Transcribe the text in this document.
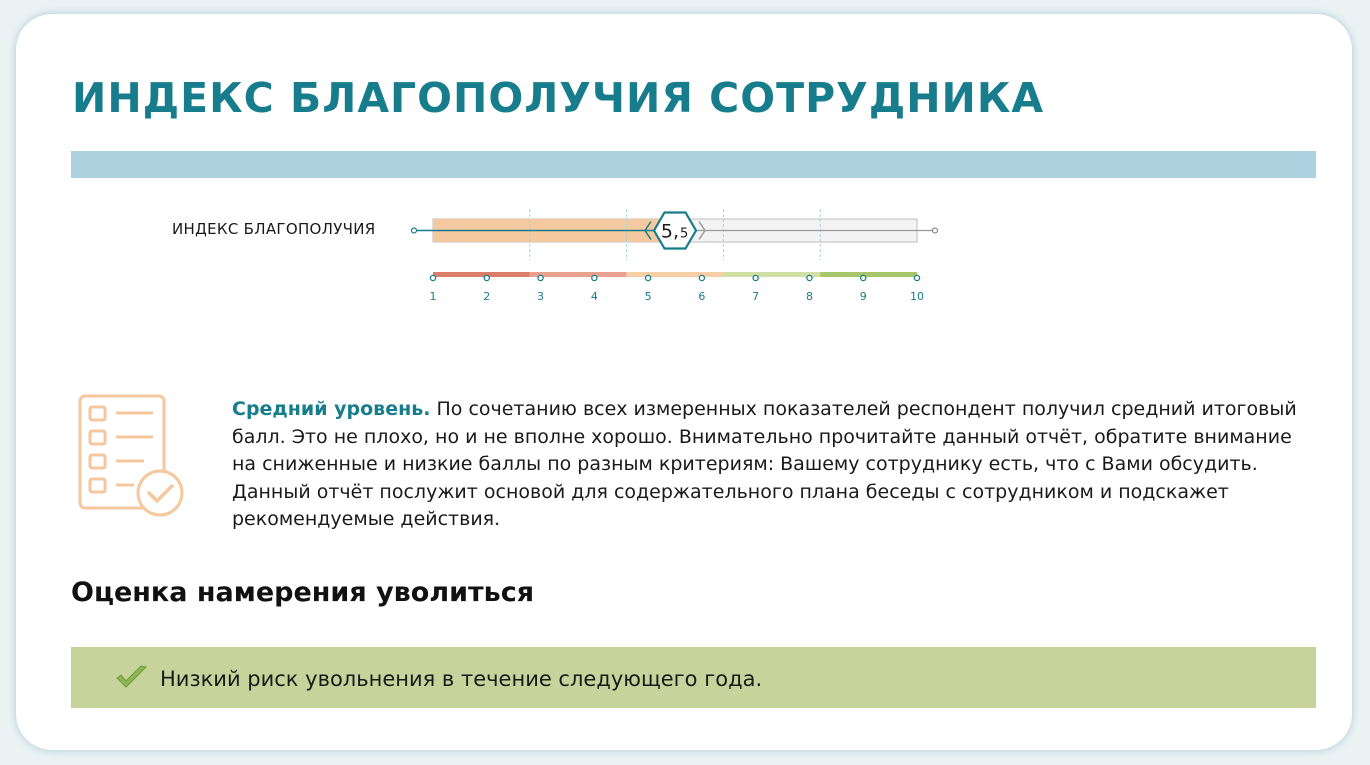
ИНДЕКС БЛАГОПОЛУЧИЯ СОТРУДНИКА
ИНДЕКС БЛАГОПОЛУЧИЯ
1	2	3	4	5	6	7	8	9	10
5, 5

Средний уровень. По сочетанию всех измеренных показателей респондент получил средний итоговый балл. Это не плохо, но и не вполне хорошо. Внимательно прочитайте данный отчёт, обратите внимание на сниженные и низкие баллы по разным критериям: Вашему сотруднику есть, что с Вами обсудить. Данный отчёт послужит основой для содержательного плана беседы с сотрудником и подскажет рекомендуемые действия.

Оценка намерения уволиться
Низкий риск увольнения в течение следующего года.
